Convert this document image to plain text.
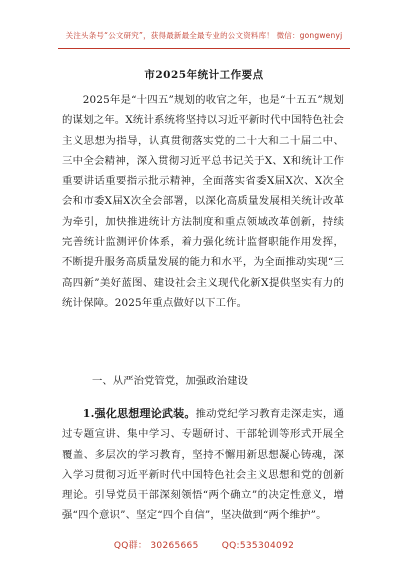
关注头条号“公文研究”，获得最新最全最专业的公文资料库！ 微信：gongwenyj
市2025年统计工作要点

2025年是“十四五”规划的收官之年，也是“十五五”规划的谋划之年。X统计系统将坚持以习近平新时代中国特色社会主义思想为指导，认真贯彻落实党的二十大和二十届二中、三中全会精神，深入贯彻习近平总书记关于X、X和统计工作重要讲话重要指示批示精神，全面落实省委X届X次、X次全会和市委X届X次全会部署，以深化高质量发展相关统计改革为牵引，加快推进统计方法制度和重点领域改革创新，持续完善统计监测评价体系，着力强化统计监督职能作用发挥，不断提升服务高质量发展的能力和水平，为全面推动实现“三高四新”美好蓝图、建设社会主义现代化新X提供坚实有力的统计保障。2025年重点做好以下工作。

一、从严治党管党，加强政治建设

1.强化思想理论武装。推动党纪学习教育走深走实，通过专题宣讲、集中学习、专题研讨、干部轮训等形式开展全覆盖、多层次的学习教育，坚持不懈用新思想凝心铸魂，深入学习贯彻习近平新时代中国特色社会主义思想和党的创新理论。引导党员干部深刻领悟“两个确立”的决定性意义，增强“四个意识”、坚定“四个自信”，坚决做到“两个维护”。

QQ群： 30265665	QQ:535304092
